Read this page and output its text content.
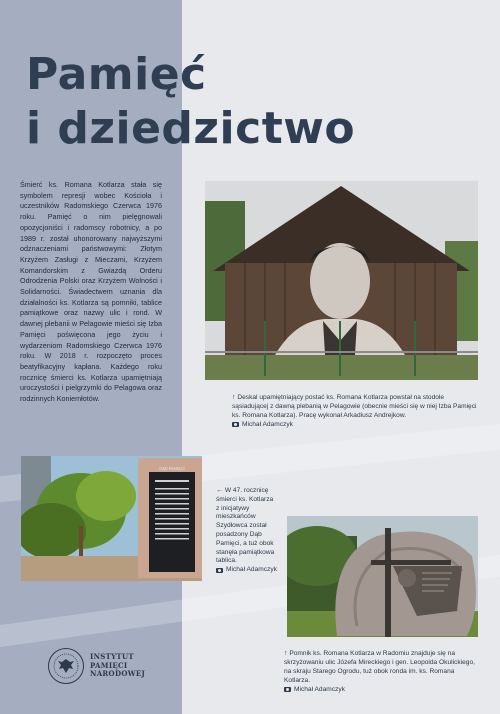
Pamięć
i dziedzictwo

Śmierć ks. Romana Kotlarza stała się symbolem represji wobec Kościoła i uczestników Radomskiego Czerwca 1976 roku. Pamięć o nim pielęgnowali opozycjoniści i radomscy robotnicy, a po 1989 r. został uhonorowany najwyższymi odznaczeniami państwowymi: Złotym Krzyżem Zasługi z Mieczami, Krzyżem Komandorskim z Gwiazdą Orderu Odrodzenia Polski oraz Krzyżem Wolności i Solidarności. Świadectwem uznania dla działalności ks. Kotlarza są pomniki, tablice pamiątkowe oraz nazwy ulic i rond. W dawnej plebanii w Pelagowie mieści się Izba Pamięci poświęcona jego życiu i wydarzeniom Radomskiego Czerwca 1976 roku. W 2018 r. rozpoczęto proces beatyfikacyjny kapłana. Każdego roku rocznicę śmierci ks. Kotlarza upamiętniają uroczystości i pielgrzymki do Pelagowa oraz rodzinnych Koniemłotów.	↑ Deskal upamiętniający postać ks. Romana Kotlarza powstał na stodole sąsiadującej z dawną plebanią w Pelagowie (obecnie mieści się w niej Izba Pamięci ks. Romana Kotlarza). Pracę wykonał Arkadiusz Andrejkow.
Michał Adamczyk
DĄB PAMIĘCI
← W 47. rocznicę śmierci ks. Kotlarza z inicjatywy mieszkańców Szydłowca został posadzony Dąb Pamięci, a tuż obok stanęła pamiątkowa tablica.
Michał Adamczyk
↑ Pomnik ks. Romana Kotlarza w Radomiu znajduje się na skrzyżowaniu ulic Józefa Mireckiego i gen. Leopolda Okulickiego, na skraju Starego Ogrodu, tuż obok ronda im. ks. Romana Kotlarza.
Michał Adamczyk
INSTYTUT
PAMIĘCI
NARODOWEJ
